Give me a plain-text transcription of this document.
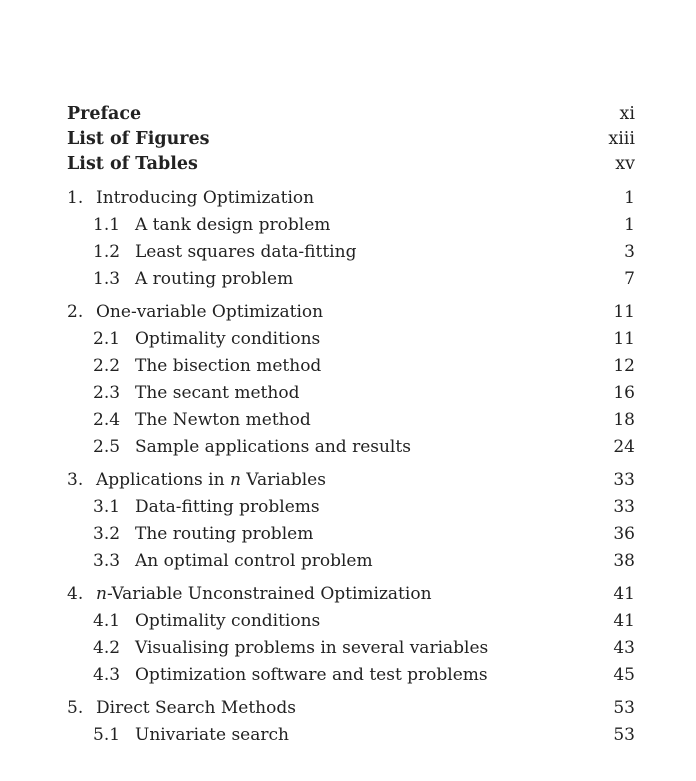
Preface	xi
List of Figures	xiii
List of Tables	xv
1. Introducing Optimization	1
1.1 A tank design problem	1
1.2 Least squares data-fitting	3
1.3 A routing problem	7
2. One-variable Optimization	11
2.1 Optimality conditions	11
2.2 The bisection method	12
2.3 The secant method	16
2.4 The Newton method	18
2.5 Sample applications and results	24
3. Applications in n Variables	33
3.1 Data-fitting problems	33
3.2 The routing problem	36
3.3 An optimal control problem	38
4. n-Variable Unconstrained Optimization	41
4.1 Optimality conditions	41
4.2 Visualising problems in several variables	43
4.3 Optimization software and test problems	45
5. Direct Search Methods	53
5.1 Univariate search	53
